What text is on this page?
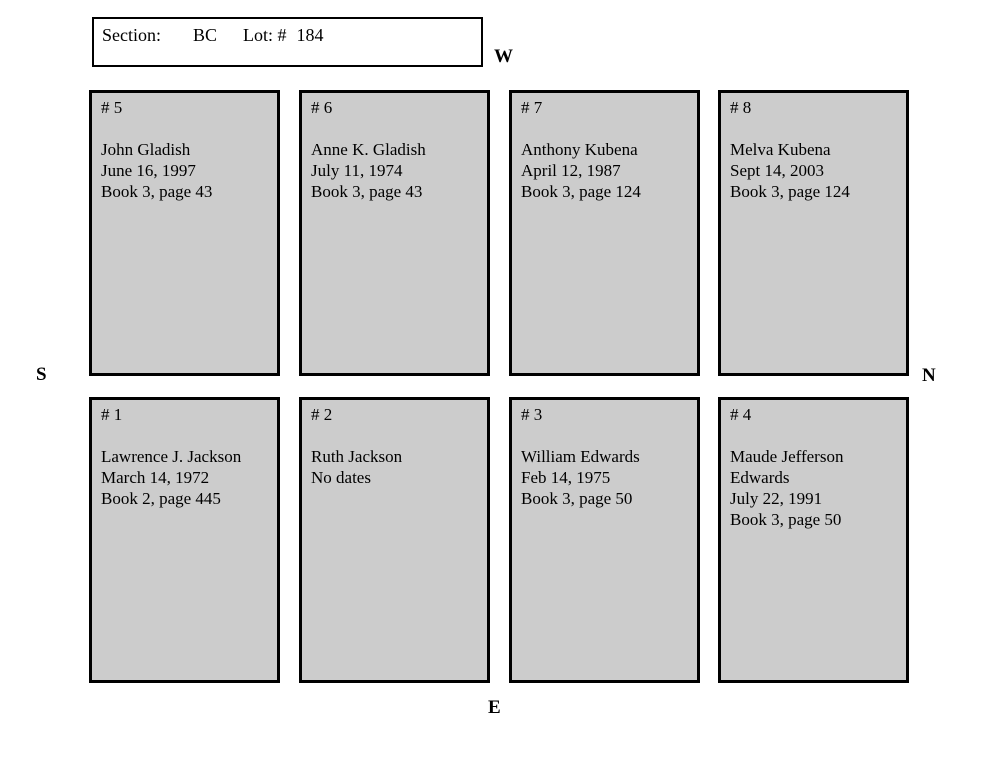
Section: BC Lot: # 184
W
S	N
E
# 5
John Gladish
June 16, 1997
Book 3, page 43
# 6
Anne K. Gladish
July 11, 1974
Book 3, page 43
# 7
Anthony Kubena
April 12, 1987
Book 3, page 124
# 8
Melva Kubena
Sept 14, 2003
Book 3, page 124
# 1
Lawrence J. Jackson
March 14, 1972
Book 2, page 445
# 2
Ruth Jackson
No dates
# 3
William Edwards
Feb 14, 1975
Book 3, page 50
# 4
Maude Jefferson
Edwards
July 22, 1991
Book 3, page 50
